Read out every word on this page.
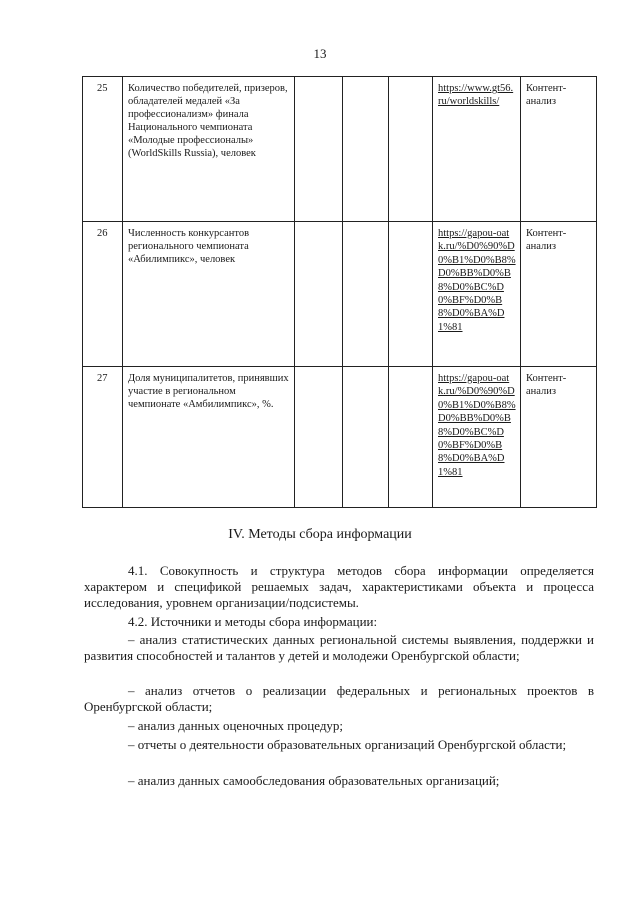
13
25	Количество победителей, призеров, обладателей медалей «За профессионализм» финала Национального чемпионата «Молодые профессионалы» (WorldSkills Russia), человек				https://www.gt56.ru/worldskills/	Контент-анализ
26	Численность конкурсантов регионального чемпионата «Абилимпикс», человек				https://gapou-oatk.ru/%D0%90%D0%B1%D0%B8%D0%BB%D0%B8%D0%BC%D0%BF%D0%B8%D0%BA%D1%81	Контент-анализ
27	Доля муниципалитетов, принявших участие в региональном чемпионате «Амбилимпикс», %.				https://gapou-oatk.ru/%D0%90%D0%B1%D0%B8%D0%BB%D0%B8%D0%BC%D0%BF%D0%B8%D0%BA%D1%81	Контент-анализ
IV. Методы сбора информации
4.1. Совокупность и структура методов сбора информации определяется характером и спецификой решаемых задач, характеристиками объекта и процесса исследования, уровнем организации/подсистемы.
4.2. Источники и методы сбора информации:
– анализ статистических данных региональной системы выявления, поддержки и развития способностей и талантов у детей и молодежи Оренбургской области;
– анализ отчетов о реализации федеральных и региональных проектов в Оренбургской области;
– анализ данных оценочных процедур;
– отчеты о деятельности образовательных организаций Оренбургской области;
– анализ данных самообследования образовательных организаций;
